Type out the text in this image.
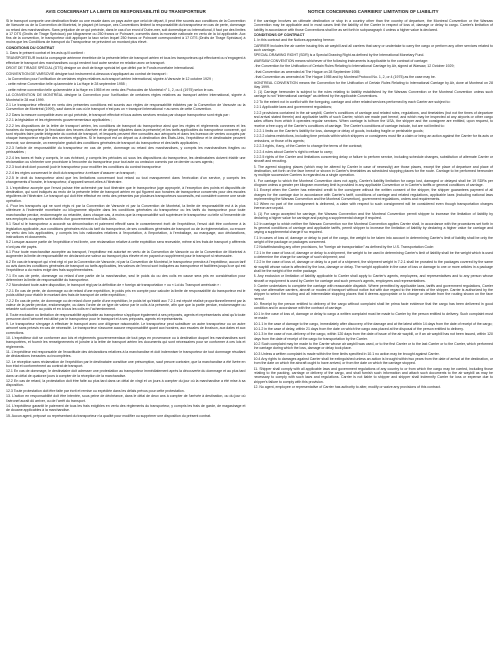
AVIS CONCERNANT LA LIMITE DE RESPONSABILITÉ DU TRANSPORTEUR

Si le transport comporte une destination finale ou une escale dans un pays autre que celui de départ, il peut être soumis aux conditions de la Convention de Varsovie ou de la Convention de Montréal, le plaçant (et lorsque, ces Conventions limitent la responsabilité du transporteur en cas de perte, dommage ou retard des marchandises. Sans préjudice de ce qui précède, dans le cas d'un envoi d'Outre-mer, soit domestique ou international, il faut par des limites à 17 DTS (Droits de Tirage Spéciaux) par kilogramme ou 250 francs or Poincaré, convertis dans la monnaie nationale en vertu de la loi applicable. Aux fins de la convention, le transporteur doit appliquer la taux selon lequel 250 francs or Poincaré correspondent à 17 DTS (Droits de Tirage Spéciaux) à moins que les Conditions de transport du Transporteur ne prévoient un montant plus élevé.

CONDITIONS DU CONTRAT

1. Dans le présent contrat et les avis qu'il contient :

TRANSPORTEUR inclut la compagnie aérienne émettrice de la présente lettre de transport aérien et tous les transporteurs qui effectuent ou s'engagent à effectuer le transport des marchandises ou qui rendent tout autre service en relation avec ce transport.

DROIT DE TIRAGE SPÉCIAL (DTS) désigne un droit de tirage spécial tel que défini par le Fonds monétaire international.

CONVENTION DE VARSOVIE désigne tout instrument ci-dessous s'appliquant au contrat de transport :

- la Convention pour l'unification de certaines règles relatives au transport aérien international, signée à Varsovie le 12 octobre 1929 ;

- cette même Convention telle qu'amendée à La Haye le 28 septembre 1955 ;

- cette même convention telle qu'amendée à la Haye en 1955 et en vertu des Protocoles de Montréal n° 1, 2, ou 4 (1975) selon le cas.

LA CONVENTION DE MONTRÉAL désigne la Convention pour l'unification de certaines règles relatives au transport aérien international, signée à Montréal le 28 mai 1999.

2.1 Le transporteur effectué en vertu des présentes conditions est soumis aux règles de responsabilité édictées par la Convention de Varsovie ou la Convention de Montréal (1999), sauf dans le cas où le transport n'est pas un « transport international » au sens de cette Convention.

2.2 Dans la mesure compatible avec ce qui précède, le transport effectué et tous autres services rendus par chaque transporteur sont régis par :

2.2.1 la législation et les règlements gouvernementaux applicables ;

2.2.2 les dispositions de la lettre de transport aérien, les conditions de transport du transporteur ainsi que les règles et règlements connexes et les horaires du transporteur (à l'exclusion des heures d'arrivée et de départ stipulées dans la présente) et les tarifs applicables du transporteur concerné, qui sont réputés faire partie intégrante du contrat de transport, et lesquels peuvent être consultés aux aéroports et dans les bureaux de ventes occupés par chaque transporteur régulier des services réguliers. Si le transport est un départ ou à destination des États-Unis, l'expéditeur et le destinataire peuvent recevoir, sur demande, un exemplaire gratuit des conditions générales de transport du transporteur et des tarifs applicables ;

2.2.3 l'article de responsabilité du transporteur en cas de perte, dommage ou retard des marchandises, y compris les marchandises fragiles ou périssables ;

2.2.4 les taxes et frais y compris, le cas échéant, y compris les périodes où sous les dispositions du transporteur, les destinataires doivent établir une réclamation ou s'intenter une procédure à l'encontre du transporteur pour tout acte ou omission commis par ce dernier ou ses agents ;

2.2.3 tout droit dont pourrait jouir le transporteur pour modifier les conditions du contrat transporteur

2.2.4 les règles concernant le droit du transporteur à refuser d'assurer un transport ;

2.2.5 le droit du transporteur ainsi que les limitations concernant tout retard ou tout manquement dans l'exécution d'un service, y compris les changements d'horaire, le transporteur, d'appareil seront-elles à l'itinéraire.

3. L'expéditeur accepte que l'envoi puisse être acheminé par tout itinéraire que le transporteur juge approprié, à l'exception des points et dispositifs de destination, qui sont indiqués au recto de la présente lettre de transport aérien en qui figurent aux horaires de transporteur concernés pour des escales régulières de l'itinéraire. Le transport qui doit être effectué en vertu des présentes par plusieurs transporteurs successifs, est considéré comme une seule opération.

4. Pour les transports qui ne sont régis ni par la Convention de Varsovie ni par la Convention de Montréal, la limite de responsabilité est à la plus ultérieure à l'indemnité monétaire ou kilogramme stipulée dans les conditions générales du transporteur ou les tarifs du transporteur pour toute marchandise perdue, endommagée ou retardée, dans chaque cas, à moins que la responsabilité soit supérieure le transporteur ou telle si l'ensemble de ses employés ou agents sont établis d'un gouvernement au Etats-Unis.

5.1 Sauf si le transporteur a accordé sa dénomination et paiement effectif sans le consentement écrit de l'expéditeur, l'envoi doit être conforme à la législation applicable, aux conditions générales et/ou du tarif du transporteur, de ses conditions générales de transport ou de la réglementation, ou encore en vertu des lois applicables, y compris les lois nationales relatives à l'exportation, à l'importation, à l'emballage, au marquage, aux déclarations, instructions et documents.

5.2 Lorsque aucune partie de l'expédition n'est livrée, une réclamation relative à cette expédition sera recevable, même si les frais de transport y afférents n'ont pas été payés.

6.1 Pour toute marchandise acceptée au transport, l'expéditeur est autorisé en vertu de la Convention de Varsovie ou de la Convention de Montréal à augmenter la limite de responsabilité en déclarant une valeur au transport plus élevée et en payant un supplément pour le transport si nécessaire.

6.2 En cas de transport qui n'est régi ni par la Convention de Varsovie, ni par la Convention de Montréal, le transporteur prendra à l'expéditeur, aucun tarif ou avis dans les conditions générales de transport ou tarifs applicables, les valeurs de l'envoi sont indiquées au transporteur et facilitées jusqu'à ce qui est l'expéditeur a du moins exigé des frais supplémentaires.

7.1 En cas de perte, dommage ou retard d'une partie de la marchandise, seul le poids du ou des colis en cause sera pris en considération pour déterminer la limite de responsabilité du transporteur.

7.2 Nonobstant toute autre disposition, le transport régi par la définition de « foreign air transportation » ou « Loi du Transport américain » :

7.2.1 En cas de perte, de dommage ou de retard d'une expédition, le poids pris en compte pour calculer la limite de responsabilité du transporteur est le poids utilisé pour établir le montant des frais de transport de cette expédition ;

7.2.2 En cas de perte, de dommage ou de retard d'une partie d'une expédition, le poids tel qu'établi aux 7.2.1 est réputé réalisé proportionnellement par la valeur de la partie perdue, endommagée, ou dans l'ordre de ce type de valeur par le colis à la présente, afin que que la partie perdue, endommagée ou retardée soit confiée au poids et en à tous les colis en l'acheminement.

8. Toute exclusion ou limitation de responsabilité applicable au transporteur s'applique également à ses préposés, agents et représentants ainsi qu'à toute personne dont l'aéronef est utilisé par le transporteur pour le transport et à ses préposés, agents et représentants.

9. Le transporteur s'engage à effectuer le transport avec une diligence raisonnable. Le transporteur peut substituer un autre transporteur ou un autre aéronef sans préavis en cas de nécessité. Le transporteur n'assume aucune responsabilité quant aux horaires, aux escales de livraison, aux dates et aux corrections.

10. L'expéditeur doit se conformer aux lois et règlements gouvernementaux de tout pays en provenance ou à destination duquel les marchandises sont transportées, et fournir les renseignements et joindre à la lettre de transport aérien les documents qui sont nécessaires pour se conformer à ces lois et règlements.

11. L'expéditeur est responsable de l'exactitude des déclarations relatives à la marchandise et doit indemniser le transporteur de tout dommage résultant de déclarations inexactes ou incomplètes.

12. Le réception sans réclamation de l'expédition par le destinataire constitue une présomption, sauf preuve contraire, que la marchandise a été livrée en bon état et conformément au contrat de transport.

12.1 En cas de dommage, le destinataire doit adresser une protestation au transporteur immédiatement après la découverte du dommage et au plus tard dans un délai de quatorze jours à compter de la réception de la marchandise.

12.2 En cas de retard, la protestation doit être faite au plus tard dans un délai de vingt et un jours à compter du jour où la marchandise a été mise à sa disposition.

12.3 Toute protestation doit être faite par écrit et remise ou expédiée dans les délais prévus pour cette protestation.

13. L'action en responsabilité doit être intentée, sous peine de déchéance, dans le délai de deux ans à compter de l'arrivée à destination, ou du jour où l'aéronef aurait dû arriver, ou de l'arrêt du transport.

14. L'expéditeur garantit le paiement de tous les frais exigibles en vertu des règlements du transporteur, y compris les frais de garde, de magasinage et de douane applicables à la marchandise.

15. Aucun agent, préposé ou représentant du transporteur n'a qualité pour modifier ou supprimer une disposition du présent contrat.

NOTICE CONCERNING CARRIERS' LIMITATION OF LIABILITY

If the carriage involves an ultimate destination or stop in a country other than the country of departure, the Montreal Convention or the Warsaw Convention may be applicable and in most cases limit the liability of the Carrier in respect of loss of, damage or delay to cargo. Carrier's limitation of liability in accordance with those Conventions shall be as set forth in subparagraph 4 unless a higher value is declared.

CONDITIONS OF CONTRACT

1. In this contract and the Notices appearing hereon:

CARRIER includes the air carrier issuing this air waybill and all carriers that carry or undertake to carry the cargo or perform any other services related to such carriage.

SPECIAL DRAWING RIGHT (SDR) is a Special Drawing Right as defined by the International Monetary Fund.

WARSAW CONVENTION means whichever of the following instruments is applicable to the contract of carriage:

- the Convention for the Unification of Certain Rules Relating to International Carriage by Air, signed at Warsaw, 12 October 1929;

- that Convention as amended at The Hague on 28 September 1955;

- that Convention as amended at The Hague 1955 and by Montreal Protocol No. 1, 2, or 4 (1975) as the case may be.

MONTREAL CONVENTION means the Convention for the Unification of Certain Rules Relating to International Carriage by Air, done at Montreal on 28 May 1999.

2. (1) Carriage hereunder is subject to the rules relating to liability established by the Warsaw Convention or the Montreal Convention unless such carriage is not "international carriage" as defined by the applicable Conventions.

2.2 To the extent not in conflict with the foregoing, carriage and other related services performed by each Carrier are subject to:

2.2.1 Applicable laws and government regulations;

2.2.2 provisions contained in the air waybill, Carrier's conditions of carriage and related rules, regulations, and timetables (but not the times of departure and arrival stated therein) and applicable tariffs of such Carrier, which are made part hereof, and which may be inspected at any airports or other cargo sales offices from which it operates regular services. When carriage is to/from the USA, the shipper and the consignee are entitled, upon request, to receive a free copy of the Carrier's conditions of carriage. The Carrier's conditions of carriage include, but are not limited to:

2.2.2.1 limits on the Carrier's liability for loss, damage or delay of goods, including fragile or perishable goods;

2.2.2.2 claims restrictions, including time periods within which shippers or consignees must file a claim or bring an action against the Carrier for its acts or omissions, or those of its agents;

2.2.2.3 rights, if any, of the Carrier to change the terms of the contract;

2.2.2.4 rules about Carrier's right to refuse to carry;

2.2.2.5 rights of the Carrier and limitations concerning delay or failure to perform service, including schedule changes, substitution of alternate Carrier or aircraft and rerouting.

3. The agreed stopping places (which may be altered by Carrier in case of necessity) are those places, except the place of departure and place of destination, set forth on the face hereof or shown in Carrier's timetables as scheduled stopping places for the route. Carriage to be performed hereunder by multiple successive Carriers is regarded as a single operation.

4. For carriage to which the Montreal Convention does not apply, Carrier's liability limitation for cargo lost, damaged or delayed shall be 19 SDRs per kilogram unless a greater per kilogram monetary limit is provided in any applicable Convention or in Carrier's tariffs or general conditions of carriage.

5.1 Except when the Carrier has extended credit to the consignee without the written consent of the shipper, the shipper guarantees payment of all charges for the carriage due in accordance with Carrier's tariff, conditions of carriage and related regulations, applicable laws (including national laws implementing the Warsaw Convention and the Montreal Convention), government regulations, orders and requirements.

5.2 When no part of the consignment is delivered, a claim with respect to such consignment will be considered even though transportation charges thereon are unpaid.

6. (1) For cargo accepted for carriage, the Warsaw Convention and the Montreal Convention permit shipper to increase the limitation of liability by declaring a higher value for carriage and paying a supplemental charge if required.

6.2 In carriage to which neither the Warsaw Convention nor the Montreal Convention applies Carrier shall, in accordance with the procedures set forth in its general conditions of carriage and applicable tariffs, permit shipper to increase the limitation of liability by declaring a higher value for carriage and paying a supplemental charge if so required.

7.1 In cases of loss of, damage or delay to part of the cargo, the weight to be taken into account in determining Carrier's limit of liability shall be only the weight of the package or packages concerned.

7.2 Notwithstanding any other provisions, for "foreign air transportation" as defined by the U.S. Transportation Code:

7.2.1 in the case of loss of, damage or delay to a shipment, the weight to be used in determining Carrier's limit of liability shall be the weight which is used to determine the charge for carriage of such shipment; and

7.2.2 in the case of loss of, damage or delay to a part of a shipment, the shipment weight in 7.2.1 shall be prorated to the packages covered by the same air waybill whose value is affected by the loss, damage or delay. The weight applicable in the case of loss or damage to one or more articles in a package shall be the weight of the entire package.

8. Any exclusion or limitation of liability applicable to Carrier shall apply to Carrier's agents, employees, and representatives and to any person whose aircraft or equipment is used by Carrier for carriage and such person's agents, employees and representatives.

9. Carrier undertakes to complete the carriage with reasonable dispatch. Where permitted by applicable laws, tariffs and government regulations, Carrier may use alternative carriers, aircraft or modes of transport without notice but with due regard to the interests of the shipper. Carrier is authorized by the shipper to select the routing and all intermediate stopping places that it deems appropriate or to change or deviate from the routing shown on the face hereof.

10. Receipt by the person entitled to delivery of the cargo without complaint shall be prima facie evidence that the cargo has been delivered in good condition and in accordance with the contract of carriage.

10.1 In the case of loss of, damage or delay to cargo a written complaint must be made to Carrier by the person entitled to delivery. Such complaint must be made:

10.1.1 in the case of damage to the cargo, immediately after discovery of the damage and at the latest within 14 days from the date of receipt of the cargo;

10.1.2 in the case of delay, within 21 days from the date on which the cargo was placed at the disposal of the person entitled to delivery.

10.1.3 in the case of non-delivery of the cargo, within 120 days from the date of issue of the air waybill, or if an air waybill has not been issued, within 120 days from the date of receipt of the cargo for transportation by the Carrier.

10.2 Such complaint may be made to the Carrier whose air waybill was used, or to the first Carrier or to the last Carrier or to the Carrier, which performed the carriage during which the loss, damage or delay took place.

10.3 Unless a written complaint is made within the time limits specified in 10.1 no action may be brought against Carrier.

10.4 Any rights to damages against Carrier shall be extinguished unless an action is brought within two years from the date of arrival at the destination, or from the date on which the aircraft ought to have arrived, or from the date on which the carriage stopped.

11. Shipper shall comply with all applicable laws and government regulations of any country to or from which the cargo may be carried, including those relating to the packing, carriage or delivery of the cargo, and shall furnish such information and attach such documents to the air waybill as may be necessary to comply with such laws and regulations. Carrier is not liable to shipper and shipper shall indemnify Carrier for loss or expense due to shipper's failure to comply with this provision.

12. No agent, employee or representative of Carrier has authority to alter, modify or waive any provisions of this contract.
